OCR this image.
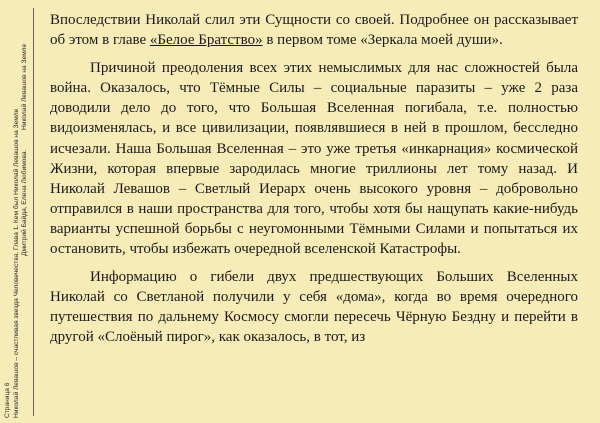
Страница 6 Николай Левашов – счастливая звезда Человечества. Глава 1. Кем был Николай Левашов на Земле Дмитрий Байда, Елена Любимова.
Николай Левашов на Земле

Впоследствии Николай слил эти Сущности со своей. Подробнее он рассказывает об этом в главе «Белое Братство» в первом томе «Зеркала моей души».

Причиной преодоления всех этих немыслимых для нас сложностей была война. Оказалось, что Тёмные Силы – социальные паразиты – уже 2 раза доводили дело до того, что Большая Вселенная погибала, т.е. полностью видоизменялась, и все цивилизации, появлявшиеся в ней в прошлом, бесследно исчезали. Наша Большая Вселенная – это уже третья «инкарнация» космической Жизни, которая впервые зародилась многие триллионы лет тому назад. И Николай Левашов – Светлый Иерарх очень высокого уровня – добровольно отправился в наши пространства для того, чтобы хотя бы нащупать какие-нибудь варианты успешной борьбы с неугомонными Тёмными Силами и попытаться их остановить, чтобы избежать очередной вселенской Катастрофы.

Информацию о гибели двух предшествующих Больших Вселенных Николай со Светланой получили у себя «дома», когда во время очередного путешествия по дальнему Космосу смогли пересечь Чёрную Бездну и перейти в другой «Слоёный пирог», как оказалось, в тот, из
